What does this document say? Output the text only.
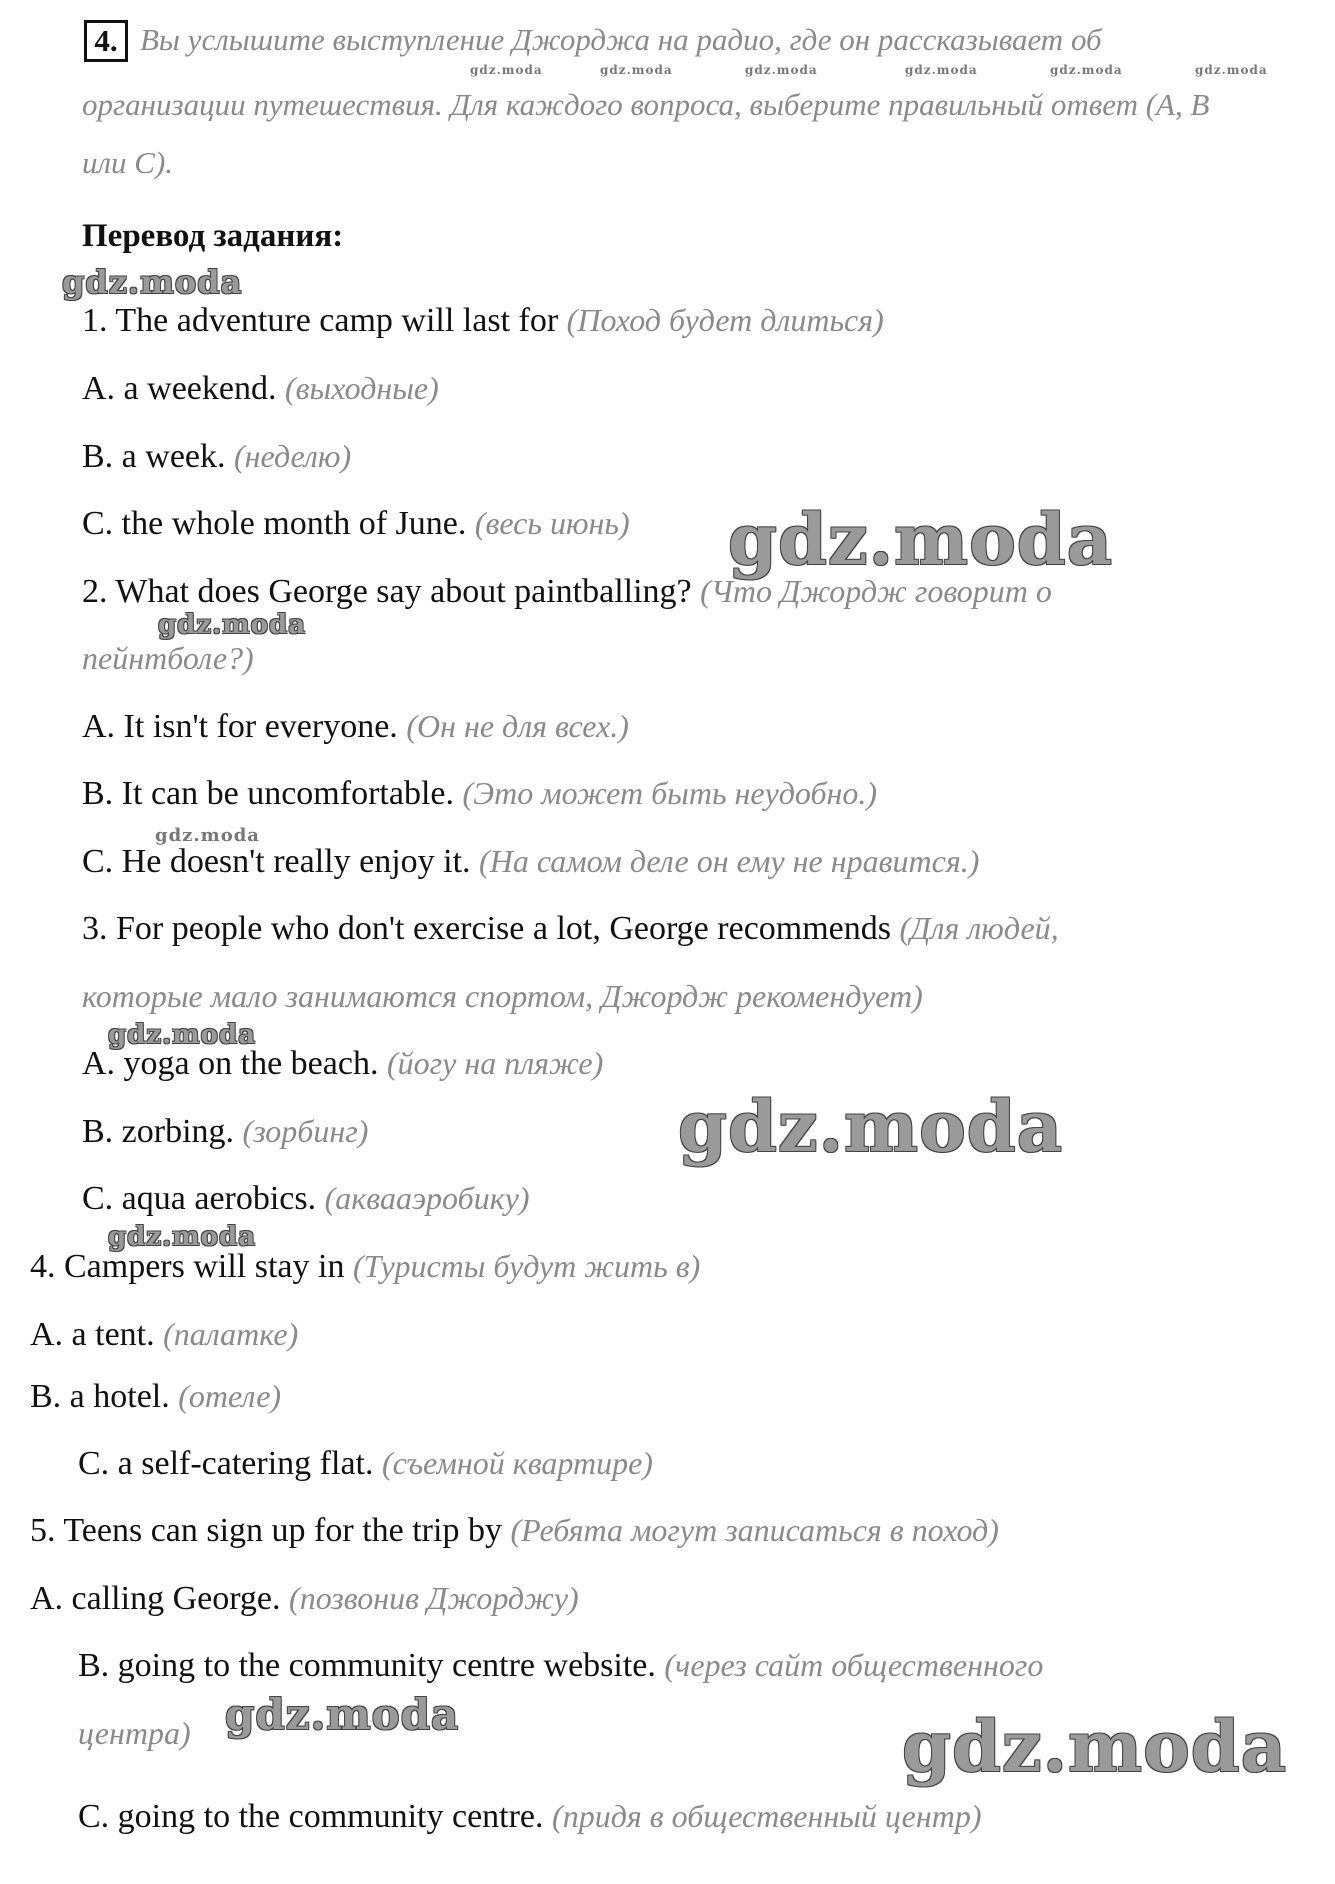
4. Вы услышите выступление Джорджа на радио, где он рассказывает об
организации путешествия. Для каждого вопроса, выберите правильный ответ (A, B
или C).
gdz.moda	gdz.moda	gdz.moda	gdz.moda	gdz.moda	gdz.moda
Перевод задания:
1. The adventure camp will last for (Поход будет длиться)
A. a weekend. (выходные)
B. a week. (неделю)
C. the whole month of June. (весь июнь)
2. What does George say about paintballing? (Что Джордж говорит о
пейнтболе?)
A. It isn't for everyone. (Он не для всех.)
B. It can be uncomfortable. (Это может быть неудобно.)
C. He doesn't really enjoy it. (На самом деле он ему не нравится.)
3. For people who don't exercise a lot, George recommends (Для людей,
которые мало занимаются спортом, Джордж рекомендует)
A. yoga on the beach. (йогу на пляже)
B. zorbing. (зорбинг)
C. aqua aerobics. (аквааэробику)
4. Campers will stay in (Туристы будут жить в)
A. a tent. (палатке)
B. a hotel. (отеле)
C. a self-catering flat. (съемной квартире)
5. Teens can sign up for the trip by (Ребята могут записаться в поход)
A. calling George. (позвонив Джорджу)
B. going to the community centre website. (через сайт общественного
центра)
C. going to the community centre. (придя в общественный центр)
gdz.moda
gdz.moda
gdz.moda
gdz.moda
gdz.moda
gdz.moda
gdz.moda
gdz.moda	gdz.moda
